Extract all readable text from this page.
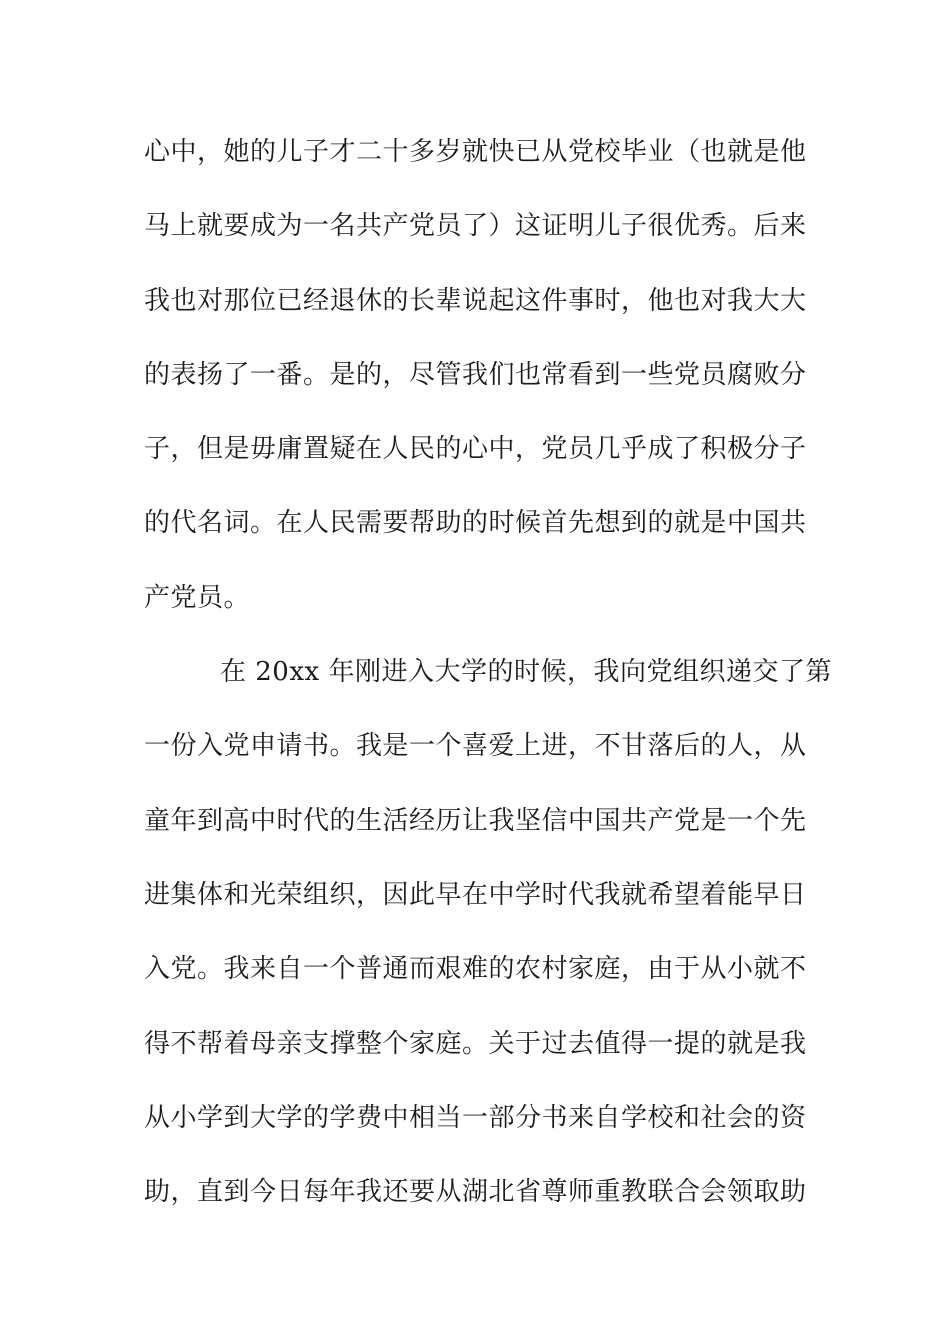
心中，她的儿子才二十多岁就快已从党校毕业（也就是他
马上就要成为一名共产党员了）这证明儿子很优秀。后来
我也对那位已经退休的长辈说起这件事时，他也对我大大
的表扬了一番。是的，尽管我们也常看到一些党员腐败分
子，但是毋庸置疑在人民的心中，党员几乎成了积极分子
的代名词。在人民需要帮助的时候首先想到的就是中国共
产党员。
在 20xx 年刚进入大学的时候，我向党组织递交了第
一份入党申请书。我是一个喜爱上进，不甘落后的人，从
童年到高中时代的生活经历让我坚信中国共产党是一个先
进集体和光荣组织，因此早在中学时代我就希望着能早日
入党。我来自一个普通而艰难的农村家庭，由于从小就不
得不帮着母亲支撑整个家庭。关于过去值得一提的就是我
从小学到大学的学费中相当一部分书来自学校和社会的资
助，直到今日每年我还要从湖北省尊师重教联合会领取助
